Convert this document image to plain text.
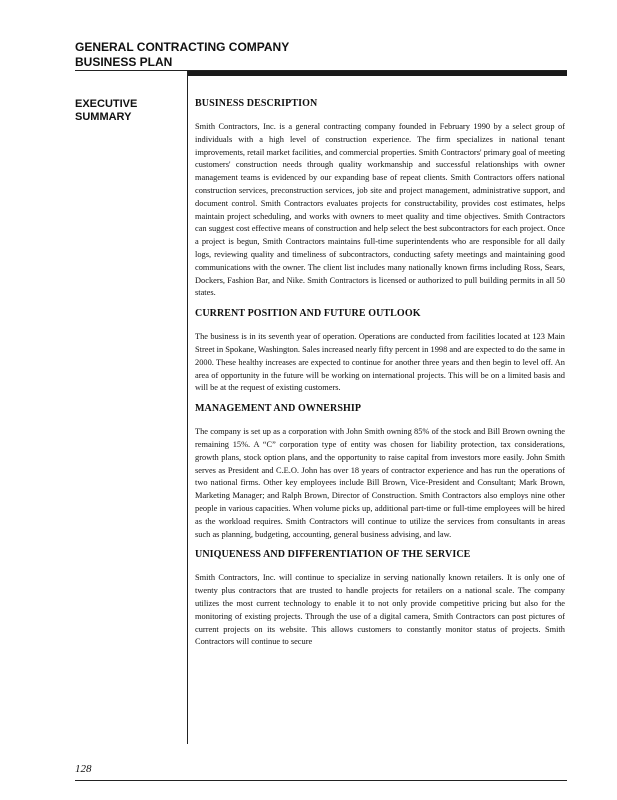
GENERAL CONTRACTING COMPANY
BUSINESS PLAN
EXECUTIVE
SUMMARY
BUSINESS DESCRIPTION

Smith Contractors, Inc. is a general contracting company founded in February 1990 by a select group of individuals with a high level of construction experience. The firm specializes in national tenant improvements, retail market facilities, and commercial properties. Smith Contractors' primary goal of meeting customers' construction needs through quality workmanship and successful relationships with owner management teams is evidenced by our expanding base of repeat clients. Smith Contractors offers national construction services, preconstruction services, job site and project management, administrative support, and document control. Smith Contractors evaluates projects for constructability, provides cost estimates, helps maintain project scheduling, and works with owners to meet quality and time objectives. Smith Contractors can suggest cost effective means of construction and help select the best subcontractors for each project. Once a project is begun, Smith Contractors maintains full-time superintendents who are responsible for all daily logs, reviewing quality and timeliness of subcontractors, conducting safety meetings and maintaining good communications with the owner. The client list includes many nationally known firms including Ross, Sears, Dockers, Fashion Bar, and Nike. Smith Contractors is licensed or authorized to pull building permits in all 50 states.

CURRENT POSITION AND FUTURE OUTLOOK

The business is in its seventh year of operation. Operations are conducted from facilities located at 123 Main Street in Spokane, Washington. Sales increased nearly fifty percent in 1998 and are expected to do the same in 2000. These healthy increases are expected to continue for another three years and then begin to level off. An area of opportunity in the future will be working on international projects. This will be on a limited basis and will be at the request of existing customers.

MANAGEMENT AND OWNERSHIP

The company is set up as a corporation with John Smith owning 85% of the stock and Bill Brown owning the remaining 15%. A “C” corporation type of entity was chosen for liability protection, tax considerations, growth plans, stock option plans, and the opportunity to raise capital from investors more easily. John Smith serves as President and C.E.O. John has over 18 years of contractor experience and has run the operations of two national firms. Other key employees include Bill Brown, Vice-President and Consultant; Mark Brown, Marketing Manager; and Ralph Brown, Director of Construction. Smith Contractors also employs nine other people in various capacities. When volume picks up, additional part-time or full-time employees will be hired as the workload requires. Smith Contractors will continue to utilize the services from consultants in areas such as planning, budgeting, accounting, general business advising, and law.

UNIQUENESS AND DIFFERENTIATION OF THE SERVICE

Smith Contractors, Inc. will continue to specialize in serving nationally known retailers. It is only one of twenty plus contractors that are trusted to handle projects for retailers on a national scale. The company utilizes the most current technology to enable it to not only provide competitive pricing but also for the monitoring of existing projects. Through the use of a digital camera, Smith Contractors can post pictures of current projects on its website. This allows customers to constantly monitor status of projects. Smith Contractors will continue to secure

128
